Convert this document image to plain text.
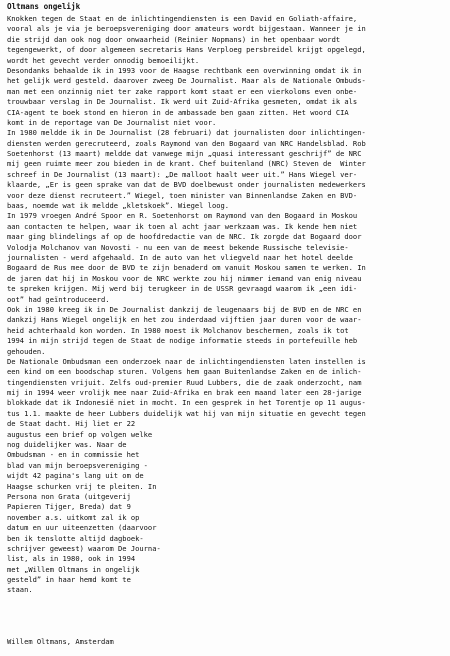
Oltmans ongelijk
Knokken tegen de Staat en de inlichtingendiensten is een David en Goliath-affaire,
vooral als je via je beroepsvereniging door amateurs wordt bijgestaan. Wanneer je in
die strijd dan ook nog door onwaarheid (Reinier Nopmans) in het openbaar wordt
tegengewerkt, of door algemeen secretaris Hans Verploeg persbreidel krijgt opgelegd,
wordt het gevecht verder onnodig bemoeilijkt.
Desondanks behaalde ik in 1993 voor de Haagse rechtbank een overwinning omdat ik in
het gelijk werd gesteld. daarover zweeg De Journalist. Maar als de Nationale Ombuds-
man met een onzinnig niet ter zake rapport komt staat er een vierkoloms even onbe-
trouwbaar verslag in De Journalist. Ik werd uit Zuid-Afrika gesmeten, omdat ik als
CIA-agent te boek stond en hieron in de ambassade ben gaan zitten. Het woord CIA
komt in de reportage van De Journalist niet voor.
In 1980 meldde ik in De Journalist (28 februari) dat journalisten door inlichtingen-
diensten werden gerecruteerd, zoals Raymond van den Bogaard van NRC Handelsblad. Rob
Soetenhorst (13 maart) meldde dat vanwege mijn „quasi interessant geschrijf” de NRC
mij geen ruimte meer zou bieden in de krant. Chef buitenland (NRC) Steven de  Winter
schreef in De Journalist (13 maart): „De malloot haalt weer uit.” Hans Wiegel ver-
klaarde, „Er is geen sprake van dat de BVD doelbewust onder journalisten medewerkers
voor deze dienst recruteert.” Wiegel, toen minister van Binnenlandse Zaken en BVD-
baas, noemde wat ik meldde „kletskoek”. Wiegel loog.
In 1979 vroegen André Spoor en R. Soetenhorst om Raymond van den Bogaard in Moskou
aan contacten te helpen, waar ik toen al acht jaar werkzaam was. Ik kende hem niet
maar ging blindelings af op de hoofdredactie van de NRC. Ik zorgde dat Bogaard door
Volodja Molchanov van Novosti - nu een van de meest bekende Russische televisie-
journalisten - werd afgehaald. In de auto van het vliegveld naar het hotel deelde
Bogaard de Rus mee door de BVD te zijn benaderd om vanuit Moskou samen te werken. In
de jaren dat hij in Moskou voor de NRC werkte zou hij nimmer iemand van enig niveau
te spreken krijgen. Mij werd bij terugkeer in de USSR gevraagd waarom ik „een idi-
oot” had geïntroduceerd.
Ook in 1980 kreeg ik in De Journalist dankzij de leugenaars bij de BVD en de NRC en
dankzij Hans Wiegel ongelijk en het zou inderdaad vijftien jaar duren voor de waar-
heid achterhaald kon worden. In 1980 moest ik Molchanov beschermen, zoals ik tot
1994 in mijn strijd tegen de Staat de nodige informatie steeds in portefeuille heb
gehouden.
De Nationale Ombudsman een onderzoek naar de inlichtingendiensten laten instellen is
een kind om een boodschap sturen. Volgens hem gaan Buitenlandse Zaken en de inlich-
tingendiensten vrijuit. Zelfs oud-premier Ruud Lubbers, die de zaak onderzocht, nam
mij in 1994 weer vrolijk mee naar Zuid-Afrika en brak een maand later een 28-jarige
blokkade dat ik Indonesië niet in mocht. In een gesprek in het Torentje op 11 augus-
tus 1.1. maakte de heer Lubbers duidelijk wat hij van mijn situatie en gevecht tegen
de Staat dacht. Hij liet er 22
augustus een brief op volgen welke
nog duidelijker was. Naar de
Ombudsman - en in commissie het
blad van mijn beroepsvereniging -
wijdt 42 pagina's lang uit om de
Haagse schurken vrij te pleiten. In
Persona non Grata (uitgeverij
Papieren Tijger, Breda) dat 9
november a.s. uitkomt zal ik op
datum en uur uiteenzetten (daarvoor
ben ik tenslotte altijd dagboek-
schrijver geweest) waarom De Journa-
list, als in 1980, ook in 1994
met „Willem Oltmans in ongelijk
gesteld” in haar hemd komt te
staan.
Willem Oltmans, Amsterdam
